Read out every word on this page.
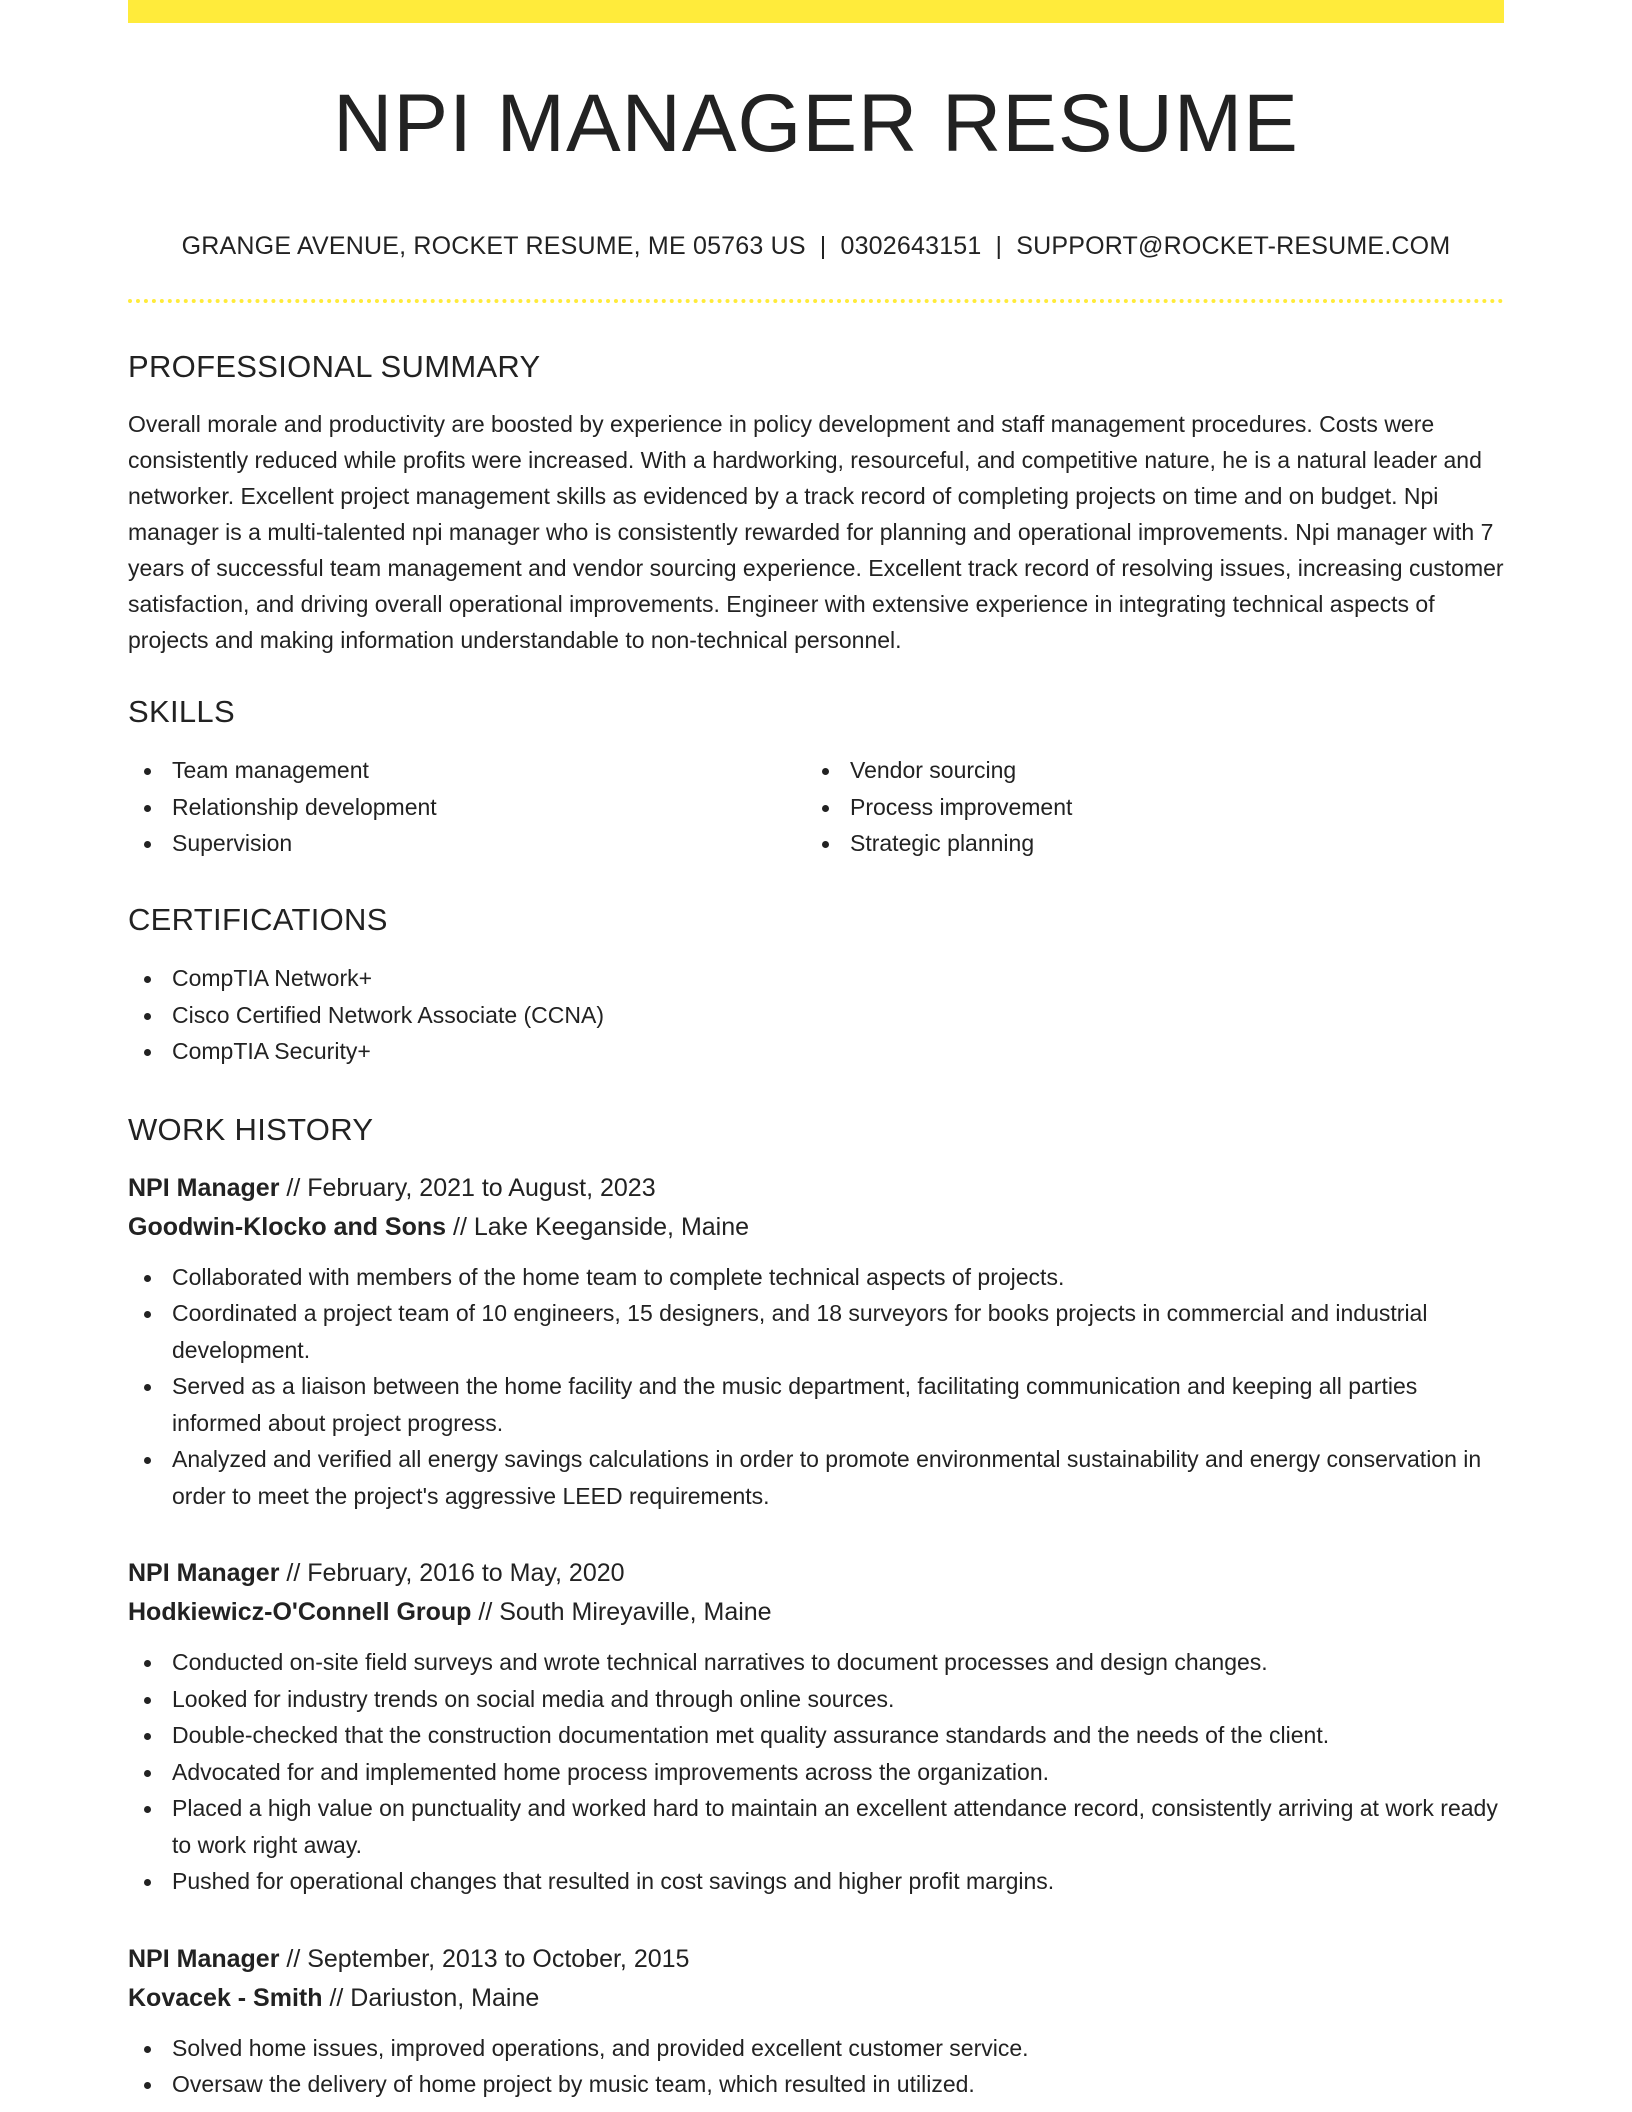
NPI MANAGER RESUME
GRANGE AVENUE, ROCKET RESUME, ME 05763 US | 0302643151 | SUPPORT@ROCKET-RESUME.COM
PROFESSIONAL SUMMARY

Overall morale and productivity are boosted by experience in policy development and staff management procedures. Costs were consistently reduced while profits were increased. With a hardworking, resourceful, and competitive nature, he is a natural leader and networker. Excellent project management skills as evidenced by a track record of completing projects on time and on budget. Npi manager is a multi-talented npi manager who is consistently rewarded for planning and operational improvements. Npi manager with 7 years of successful team management and vendor sourcing experience. Excellent track record of resolving issues, increasing customer satisfaction, and driving overall operational improvements. Engineer with extensive experience in integrating technical aspects of projects and making information understandable to non-technical personnel.

SKILLS
Team management
Relationship development
Supervision
Vendor sourcing
Process improvement
Strategic planning
CERTIFICATIONS
CompTIA Network+
Cisco Certified Network Associate (CCNA)
CompTIA Security+
WORK HISTORY
NPI Manager // February, 2021 to August, 2023
Goodwin-Klocko and Sons // Lake Keeganside, Maine
Collaborated with members of the home team to complete technical aspects of projects.
Coordinated a project team of 10 engineers, 15 designers, and 18 surveyors for books projects in commercial and industrial development.
Served as a liaison between the home facility and the music department, facilitating communication and keeping all parties informed about project progress.
Analyzed and verified all energy savings calculations in order to promote environmental sustainability and energy conservation in order to meet the project's aggressive LEED requirements.
NPI Manager // February, 2016 to May, 2020
Hodkiewicz-O'Connell Group // South Mireyaville, Maine
Conducted on-site field surveys and wrote technical narratives to document processes and design changes.
Looked for industry trends on social media and through online sources.
Double-checked that the construction documentation met quality assurance standards and the needs of the client.
Advocated for and implemented home process improvements across the organization.
Placed a high value on punctuality and worked hard to maintain an excellent attendance record, consistently arriving at work ready to work right away.
Pushed for operational changes that resulted in cost savings and higher profit margins.
NPI Manager // September, 2013 to October, 2015
Kovacek - Smith // Dariuston, Maine
Solved home issues, improved operations, and provided excellent customer service.
Oversaw the delivery of home project by music team, which resulted in utilized.
